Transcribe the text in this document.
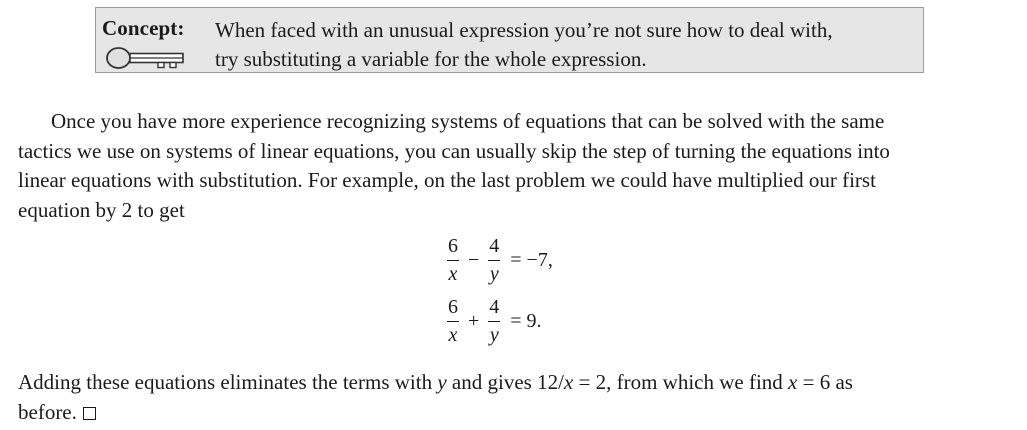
Concept: When faced with an unusual expression you’re not sure how to deal with,
try substituting a variable for the whole expression.
Once you have more experience recognizing systems of equations that can be solved with the same
tactics we use on systems of linear equations, you can usually skip the step of turning the equations into
linear equations with substitution. For example, on the last problem we could have multiplied our first
equation by 2 to get
$\frac{6}{x} - \frac{4}{y} = -7$,
$\frac{6}{x} + \frac{4}{y} = 9$.
Adding these equations eliminates the terms with y and gives 12/x = 2, from which we find x = 6 as
before.
